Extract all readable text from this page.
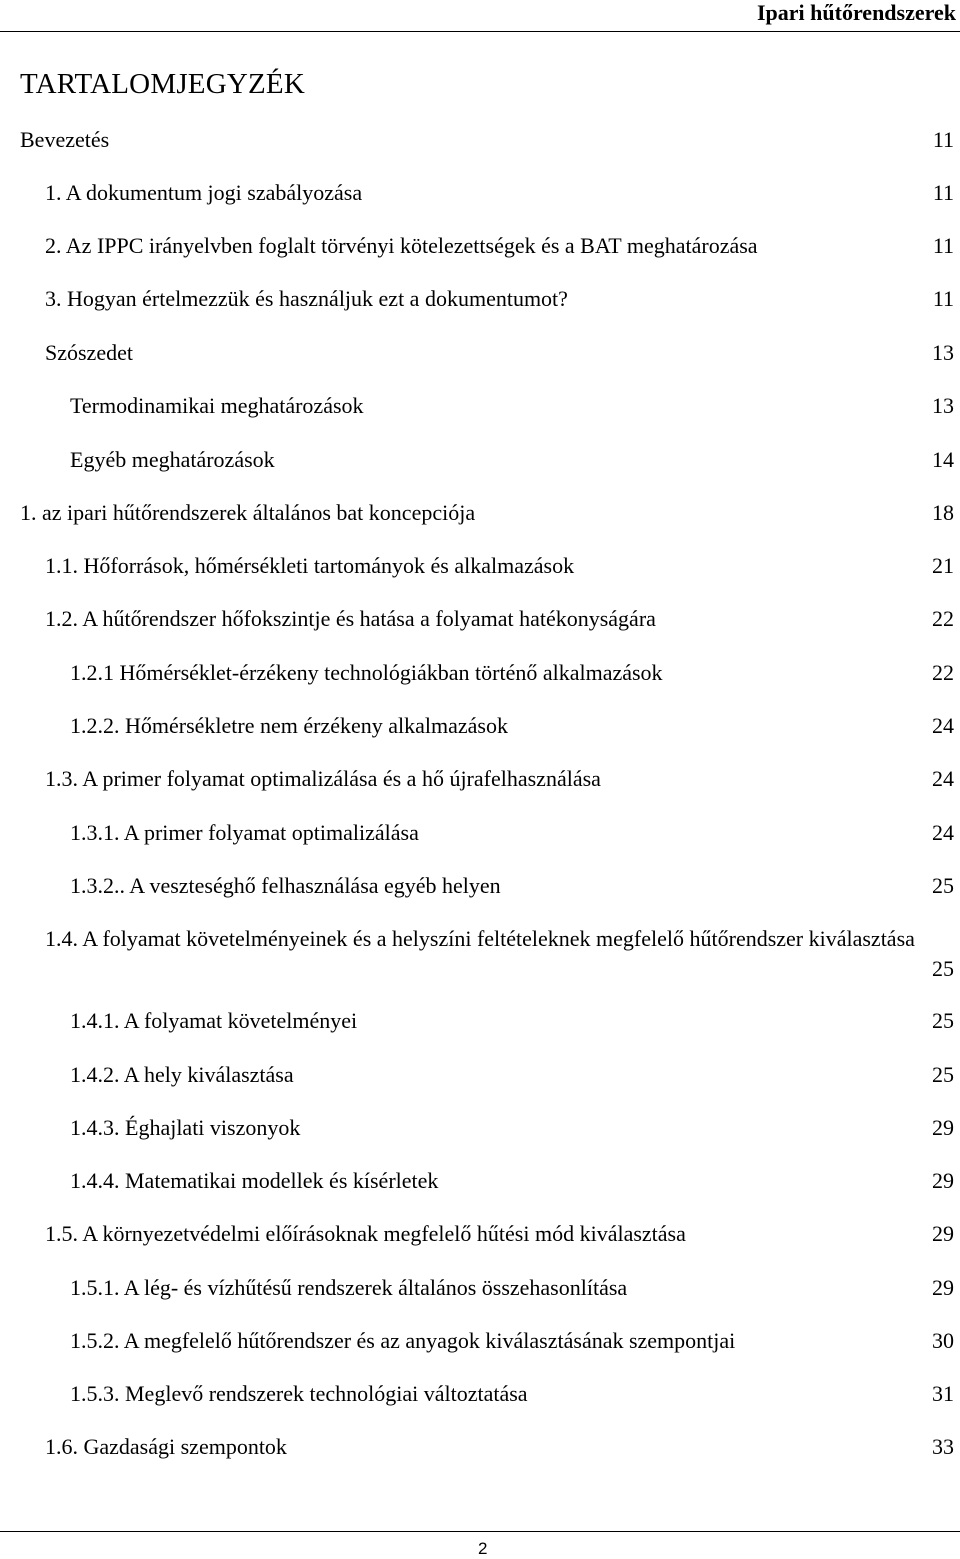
Ipari hűtőrendszerek
TARTALOMJEGYZÉK
Bevezetés	11
1. A dokumentum jogi szabályozása	11
2. Az IPPC irányelvben foglalt törvényi kötelezettségek és a BAT meghatározása	11
3. Hogyan értelmezzük és használjuk ezt a dokumentumot?	11
Szószedet	13
Termodinamikai meghatározások	13
Egyéb meghatározások	14
1. az ipari hűtőrendszerek általános bat koncepciója	18
1.1. Hőforrások, hőmérsékleti tartományok és alkalmazások	21
1.2. A hűtőrendszer hőfokszintje és hatása a folyamat hatékonyságára	22
1.2.1 Hőmérséklet-érzékeny technológiákban történő alkalmazások	22
1.2.2. Hőmérsékletre nem érzékeny alkalmazások	24
1.3. A primer folyamat optimalizálása és a hő újrafelhasználása	24
1.3.1. A primer folyamat optimalizálása	24
1.3.2.. A veszteséghő felhasználása egyéb helyen	25
1.4. A folyamat követelményeinek és a helyszíni feltételeknek megfelelő hűtőrendszer kiválasztása
25
1.4.1. A folyamat követelményei	25
1.4.2. A hely kiválasztása	25
1.4.3. Éghajlati viszonyok	29
1.4.4. Matematikai modellek és kísérletek	29
1.5. A környezetvédelmi előírásoknak megfelelő hűtési mód kiválasztása	29
1.5.1. A lég- és vízhűtésű rendszerek általános összehasonlítása	29
1.5.2. A megfelelő hűtőrendszer és az anyagok kiválasztásának szempontjai	30
1.5.3. Meglevő rendszerek technológiai változtatása	31
1.6. Gazdasági szempontok	33
2
